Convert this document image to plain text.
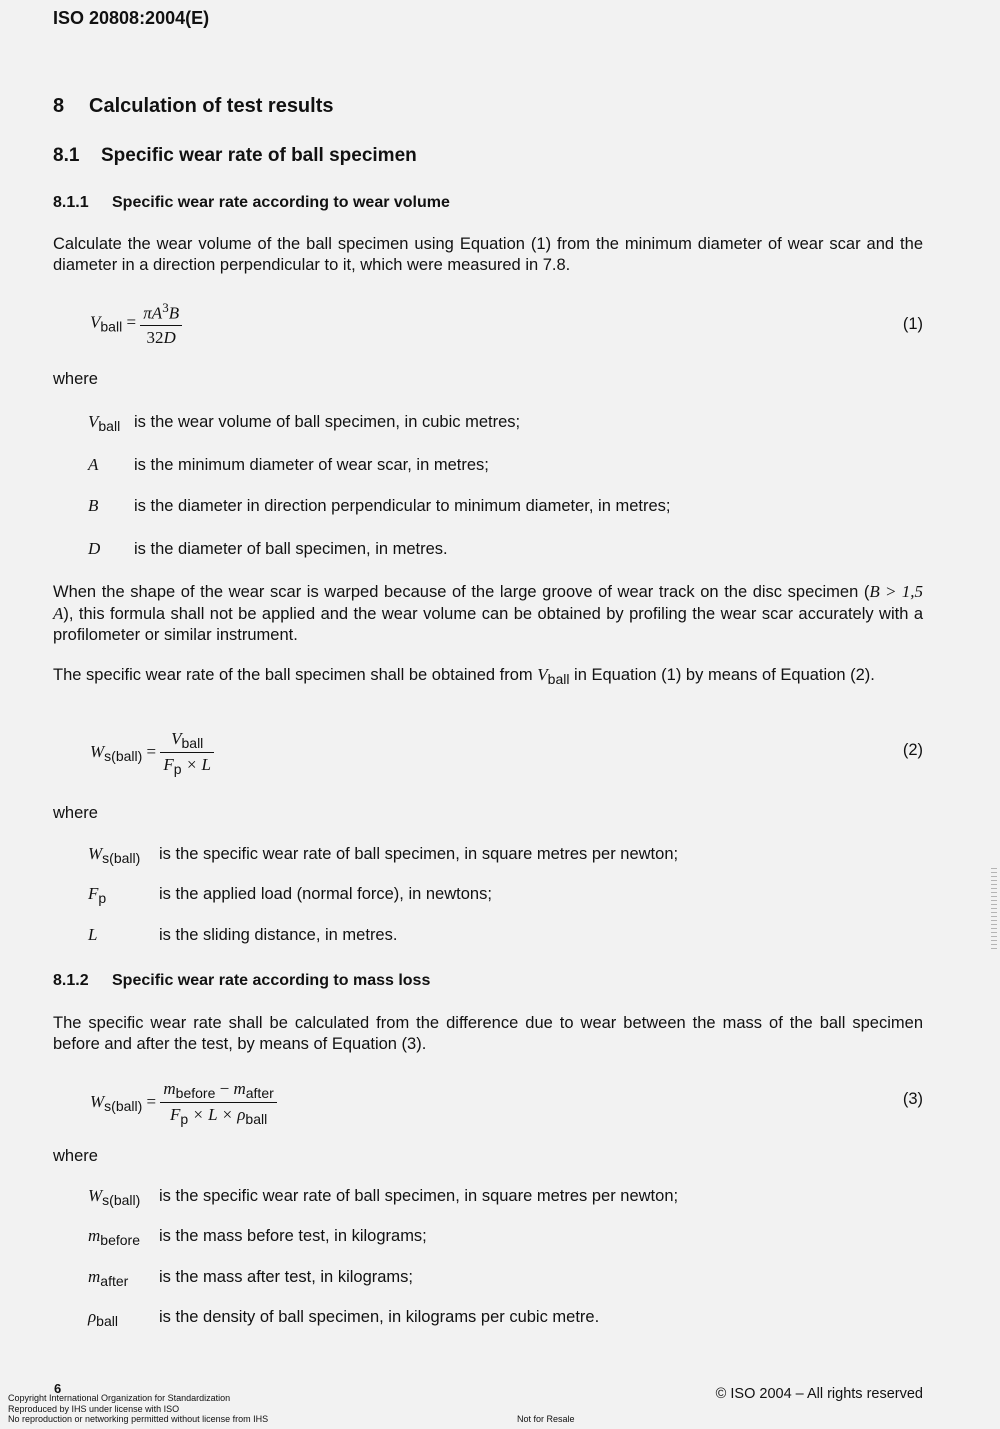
ISO 20808:2004(E)
8 Calculation of test results
8.1 Specific wear rate of ball specimen
8.1.1 Specific wear rate according to wear volume
Calculate the wear volume of the ball specimen using Equation (1) from the minimum diameter of wear scar and the diameter in a direction perpendicular to it, which were measured in 7.8.
$V_{ball} = \frac{\pi A^3B}{32D}$	(1)
where
$V_{ball}$ is the wear volume of ball specimen, in cubic metres;
A is the minimum diameter of wear scar, in metres;
B is the diameter in direction perpendicular to minimum diameter, in metres;
D is the diameter of ball specimen, in metres.
When the shape of the wear scar is warped because of the large groove of wear track on the disc specimen (B > 1,5 A), this formula shall not be applied and the wear volume can be obtained by profiling the wear scar accurately with a profilometer or similar instrument.
The specific wear rate of the ball specimen shall be obtained from $V_{ball}$ in Equation (1) by means of Equation (2).
$W_{s(ball)} = \frac{V_{ball}}{F_p \times L}$	(2)
where
$W_{s(ball)}$ is the specific wear rate of ball specimen, in square metres per newton;
$F_p$	is the applied load (normal force), in newtons;
L	is the sliding distance, in metres.
8.1.2 Specific wear rate according to mass loss
The specific wear rate shall be calculated from the difference due to wear between the mass of the ball specimen before and after the test, by means of Equation (3).
$W_{s(ball)} = \frac{m_{before} - m_{after}}{F_p \times L \times \rho_{ball}}$	(3)
where
$W_{s(ball)}$ is the specific wear rate of ball specimen, in square metres per newton;
$m_{before}$ is the mass before test, in kilograms;
$m_{after}$ is the mass after test, in kilograms;
$\rho_{ball}$ is the density of ball specimen, in kilograms per cubic metre.
6
Copyright International Organization for Standardization
Reproduced by IHS under license with ISO
No reproduction or networking permitted without license from IHS
© ISO 2004 – All rights reserved
Not for Resale
